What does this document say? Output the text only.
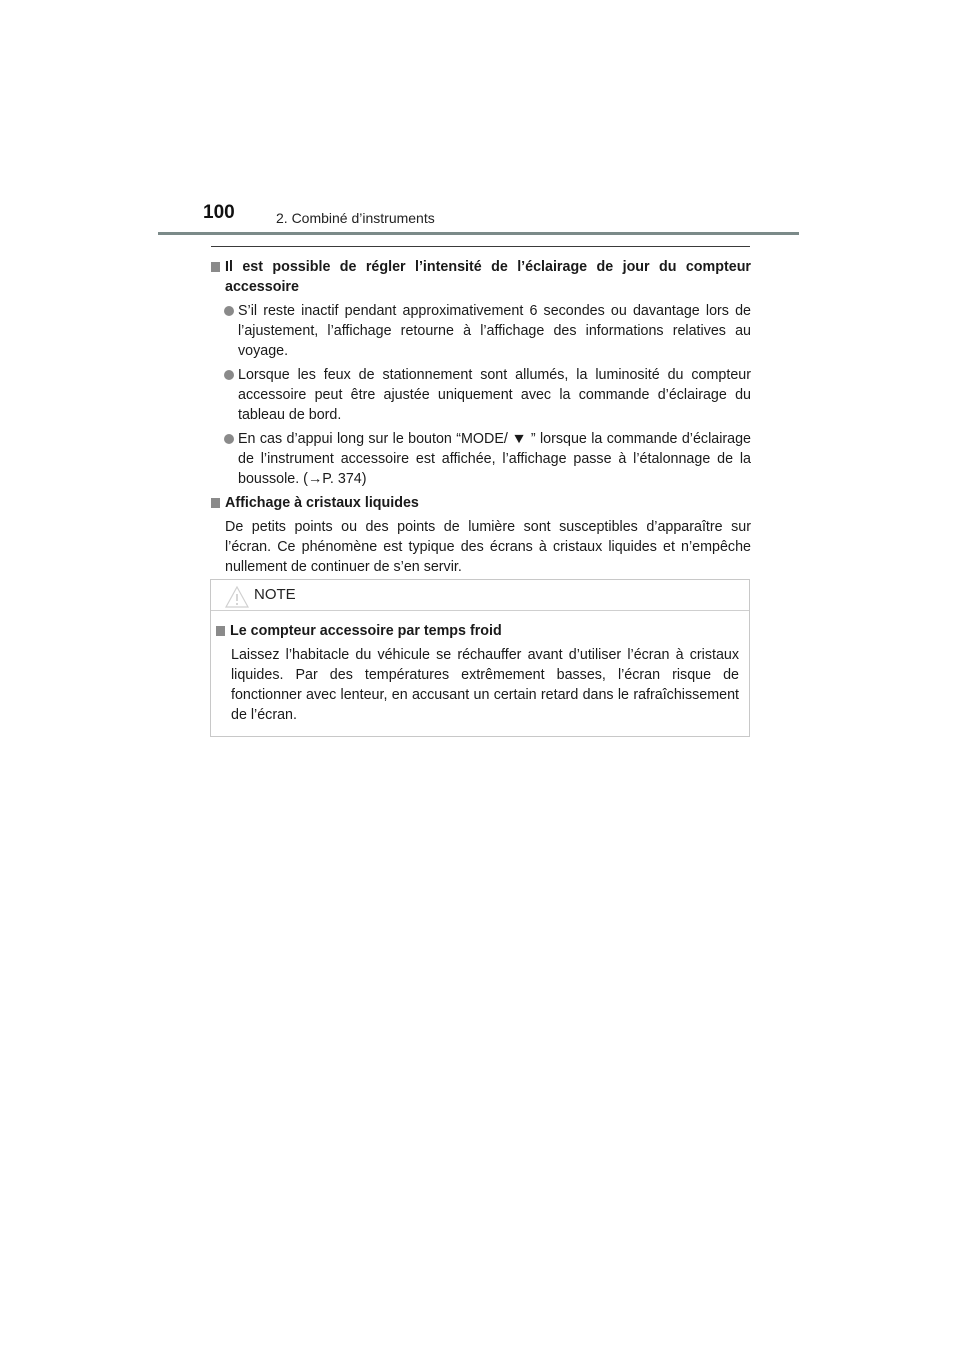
100	2. Combiné d’instruments
Il est possible de régler l’intensité de l’éclairage de jour du compteur accessoire
S’il reste inactif pendant approximativement 6 secondes ou davantage lors de l’ajustement, l’affichage retourne à l’affichage des informations relatives au voyage.
Lorsque les feux de stationnement sont allumés, la luminosité du compteur accessoire peut être ajustée uniquement avec la commande d’éclairage du tableau de bord.
En cas d’appui long sur le bouton “MODE/ ▼ ” lorsque la commande d’éclairage de l’instrument accessoire est affichée, l’affichage passe à l’étalonnage de la boussole. (→P. 374)
Affichage à cristaux liquides
De petits points ou des points de lumière sont susceptibles d’apparaître sur l’écran. Ce phénomène est typique des écrans à cristaux liquides et n’empêche nullement de continuer de s’en servir.
NOTE
Le compteur accessoire par temps froid
Laissez l’habitacle du véhicule se réchauffer avant d’utiliser l’écran à cristaux liquides. Par des températures extrêmement basses, l’écran risque de fonctionner avec lenteur, en accusant un certain retard dans le rafraîchissement de l’écran.
